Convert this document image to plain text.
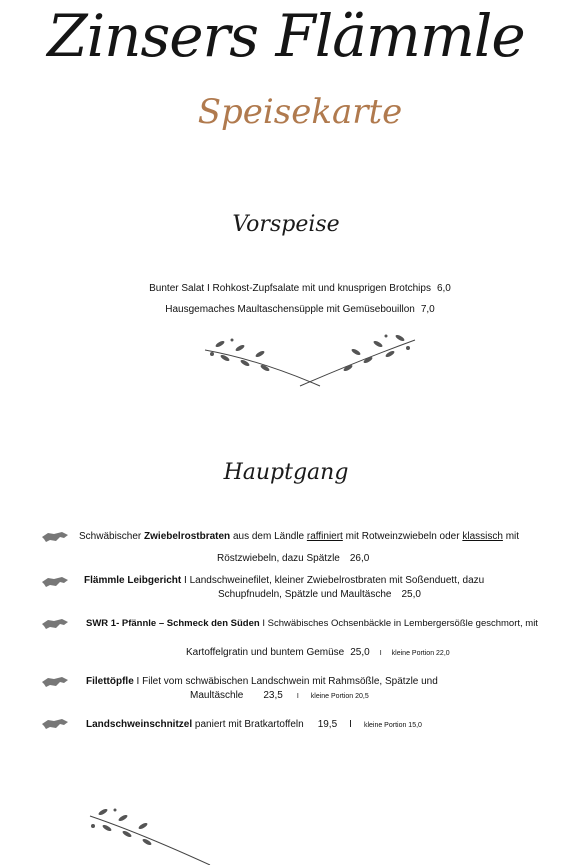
Zinsers Flämmle
Speisekarte
Vorspeise
Bunter Salat I Rohkost-Zupfsalate mit und knusprigen Brotchips 6,0
Hausgemaches Maultaschensüpple mit Gemüsebouillon 7,0
Hauptgang
Schwäbischer Zwiebelrostbraten aus dem Ländle raffiniert mit Rotweinzwiebeln oder klassisch mit
Röstzwiebeln, dazu Spätzle 26,0
Flämmle Leibgericht I Landschweinefilet, kleiner Zwiebelrostbraten mit Soßenduett, dazu
Schupfnudeln, Spätzle und Maultäsche 25,0
SWR 1- Pfännle – Schmeck den Süden I Schwäbisches Ochsenbäckle in Lembergersößle geschmort, mit
Kartoffelgratin und buntem Gemüse 25,0 I kleine Portion 22,0
Filettöpfle I Filet vom schwäbischen Landschwein mit Rahmsößle, Spätzle und
Maultäschle 23,5 I kleine Portion 20,5
Landschweinschnitzel paniert mit Bratkartoffeln 19,5 I kleine Portion 15,0
